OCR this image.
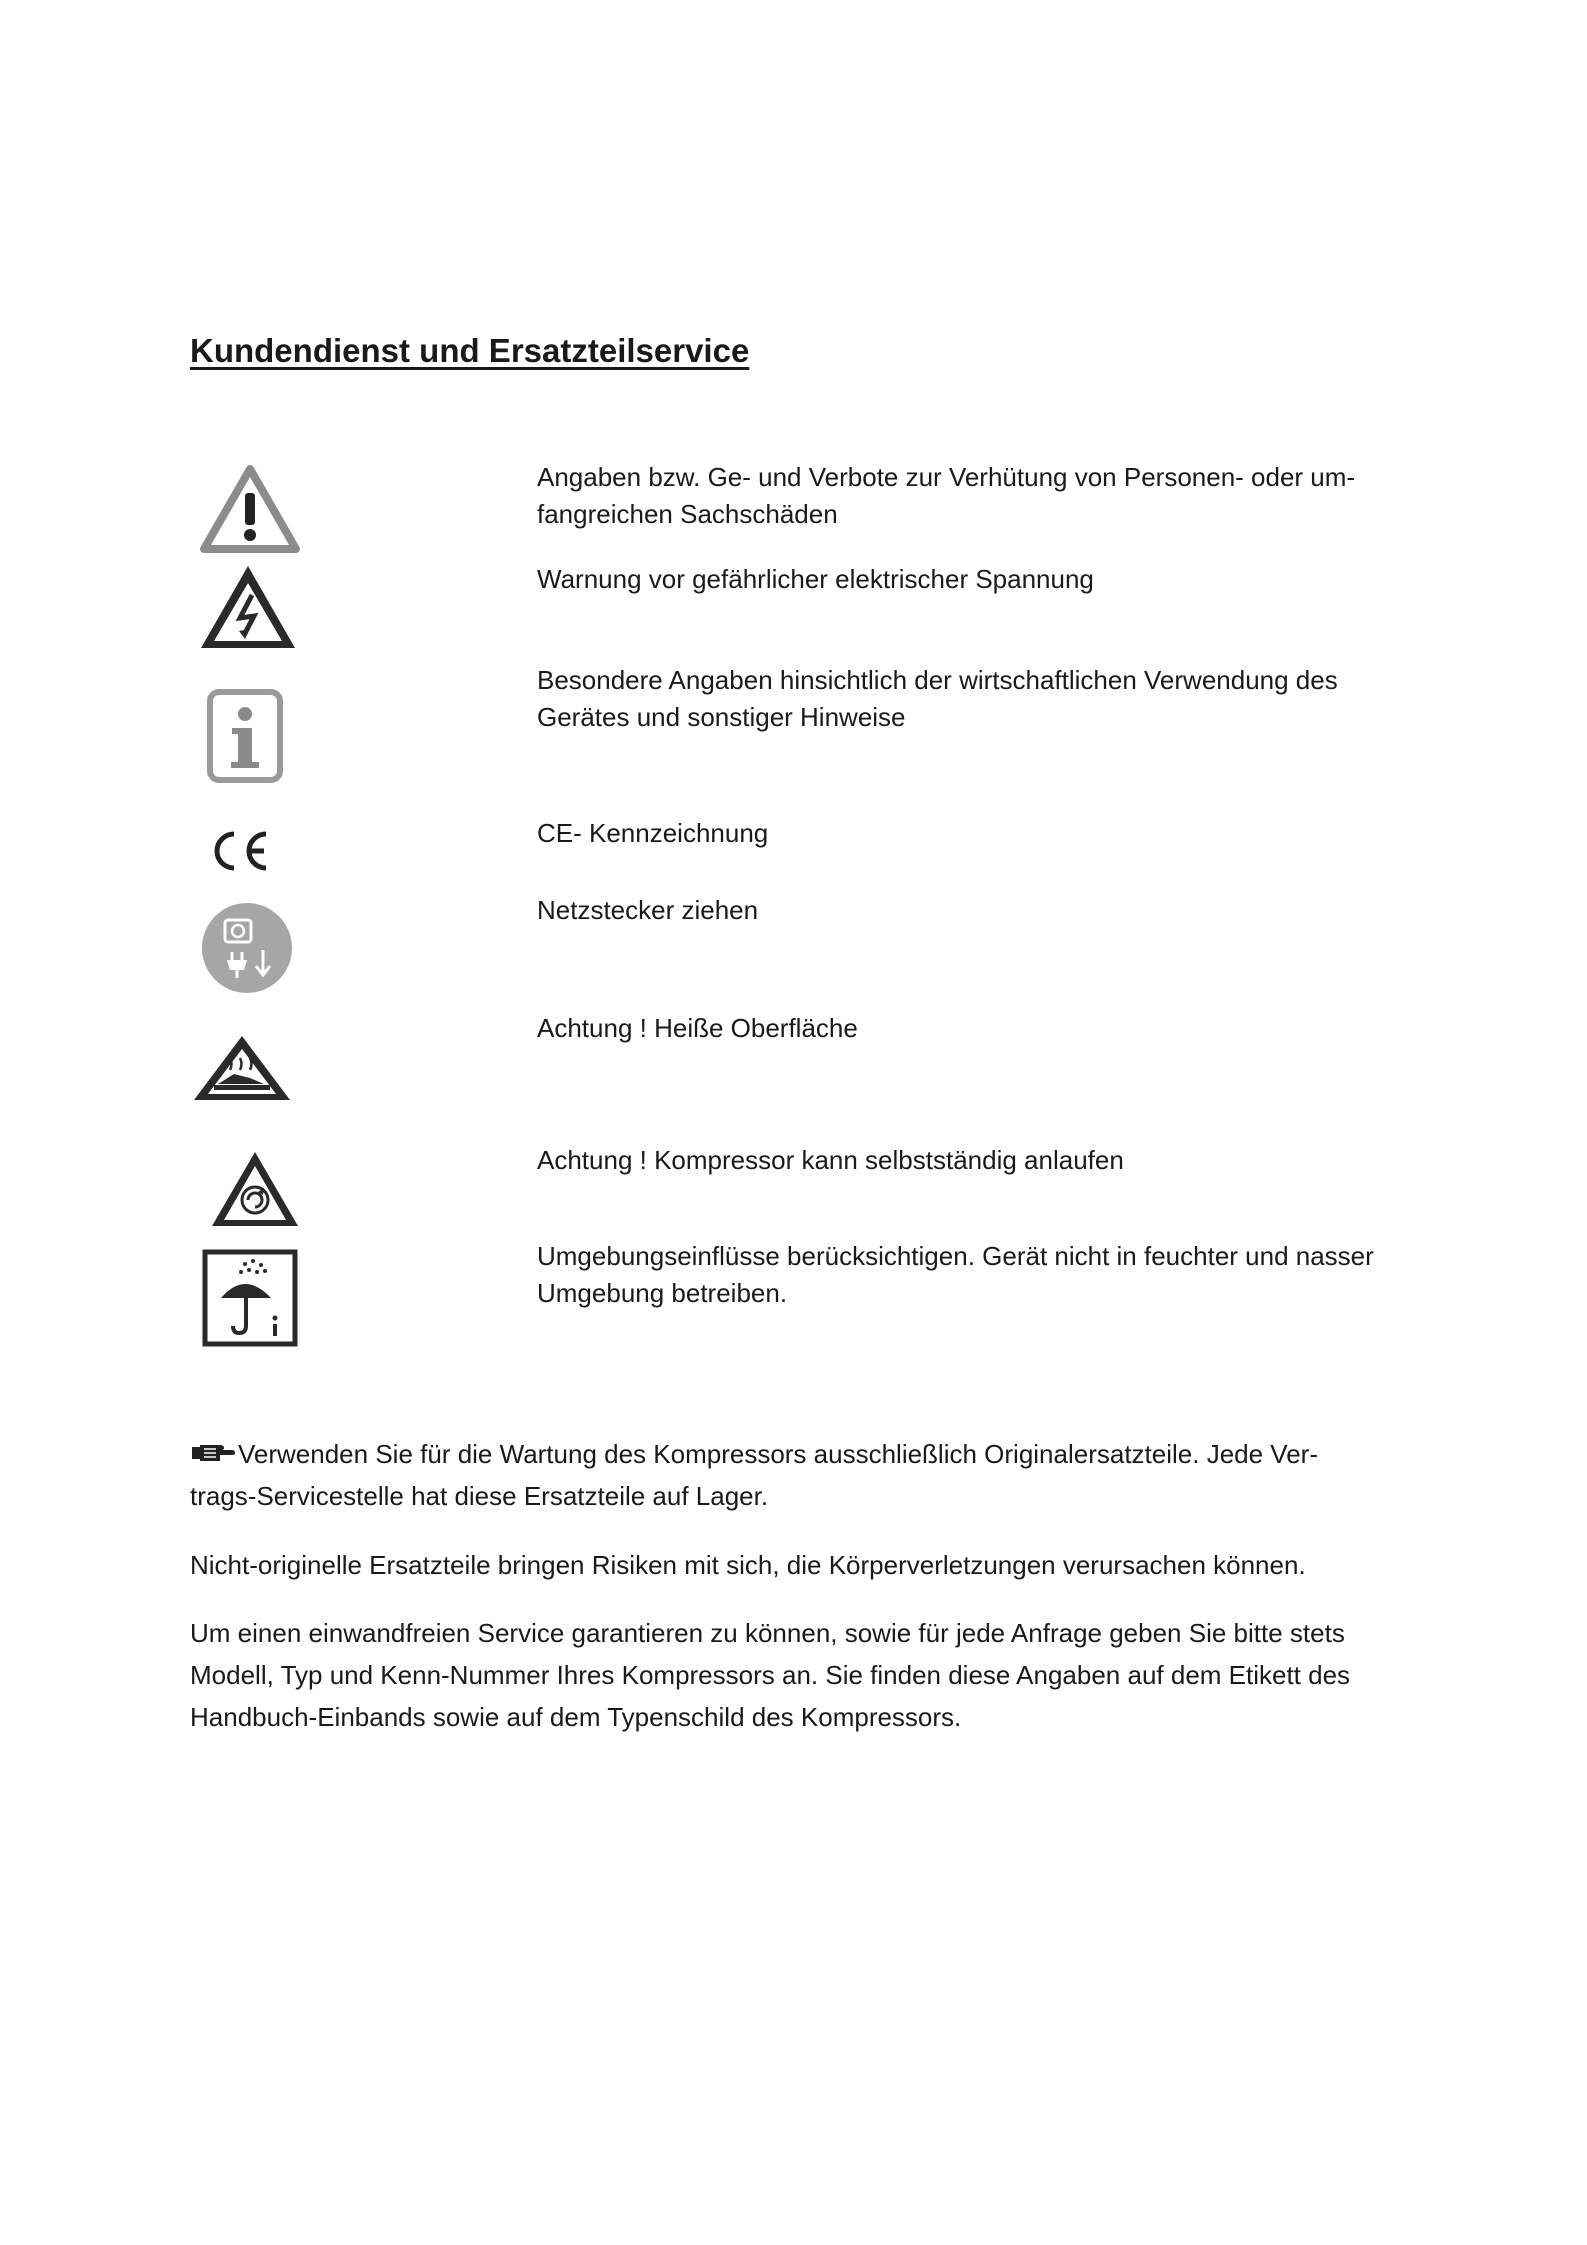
Kundendienst und Ersatzteilservice
Angaben bzw. Ge- und Verbote zur Verhütung von Personen- oder um-
fangreichen Sachschäden
Warnung vor gefährlicher elektrischer Spannung
Besondere Angaben hinsichtlich der wirtschaftlichen Verwendung des
Gerätes und sonstiger Hinweise
CE- Kennzeichnung
Netzstecker ziehen
Achtung ! Heiße Oberfläche
Achtung ! Kompressor kann selbstständig anlaufen
Umgebungseinflüsse berücksichtigen. Gerät nicht in feuchter und nasser
Umgebung betreiben.

Verwenden Sie für die Wartung des Kompressors ausschließlich Originalersatzteile. Jede Ver-
trags-Servicestelle hat diese Ersatzteile auf Lager.

Nicht-originelle Ersatzteile bringen Risiken mit sich, die Körperverletzungen verursachen können.

Um einen einwandfreien Service garantieren zu können, sowie für jede Anfrage geben Sie bitte stets
Modell, Typ und Kenn-Nummer Ihres Kompressors an. Sie finden diese Angaben auf dem Etikett des
Handbuch-Einbands sowie auf dem Typenschild des Kompressors.
